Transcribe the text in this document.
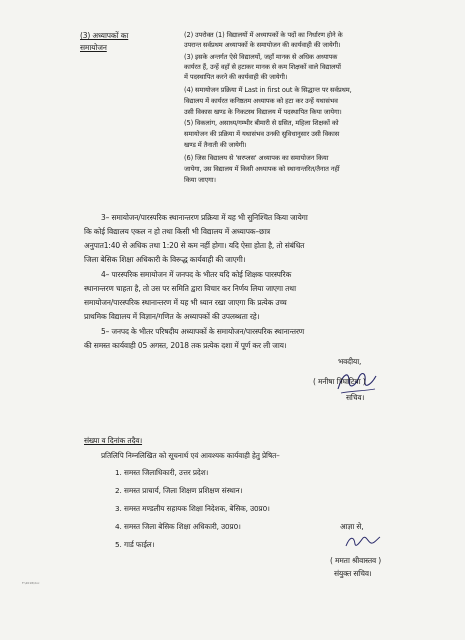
(3) अध्यापकों का

समायोजन

(2) उपरोक्त (1) विद्यालयों में अध्यापकों के पदों का निर्धारण होने के

उपरान्त सर्वप्रथम अध्यापकों के समायोजन की कार्यवाही की जायेगी।

(3) इसके अन्तर्गत ऐसे विद्यालयों, जहाँ मानक से अधिक अध्यापक

कार्यरत हैं, उन्हें वहाँ से हटाकर मानक से कम शिक्षकों वाले विद्यालयों

में पदस्थापित करने की कार्यवाही की जायेगी।

(4) समायोजन प्रक्रिया में Last in first out के सिद्धान्त पर सर्वप्रथम,

विद्यालय में कार्यरत कनिष्ठतम अध्यापक को हटा कर उन्हें यथासंभव

उसी विकास खण्ड के निकटस्थ विद्यालय में पदस्थापित किया जायेगा।

(5) विकलांग, असाध्य/गम्भीर बीमारी से ग्रसित, महिला शिक्षकों को

समायोजन की प्रक्रिया में यथासंभव उनकी सुविधानुसार उसी विकास

खण्ड में तैनाती की जायेगी।

(6) जिस विद्यालय से 'सरप्लस' अध्यापक का समायोजन किया

जायेगा, उस विद्यालय में किसी अध्यापक को स्थानान्तरित/तैनात नहीं

किया जाएगा।

3– समायोजन/पारस्परिक स्थानान्तरण प्रक्रिया में यह भी सुनिश्चित किया जायेगा

कि कोई विद्यालय एकल न हो तथा किसी भी विद्यालय में अध्यापक–छात्र

अनुपात1:40 से अधिक तथा 1:20 से कम नहीं होगा। यदि ऐसा होता है, तो संबंधित

जिला बेसिक शिक्षा अधिकारी के विरूद्ध कार्यवाही की जाएगी।

4– पारस्परिक समायोजन में जनपद के भीतर यदि कोई शिक्षक पारस्परिक

स्थानान्तरण चाहता है, तो उस पर समिति द्वारा विचार कर निर्णय लिया जाएगा तथा

समायोजन/पारस्परिक स्थानान्तरण में यह भी ध्यान रखा जाएगा कि प्रत्येक उच्च

प्राथमिक विद्यालय में विज्ञान/गणित के अध्यापकों की उपलब्धता रहे।

5– जनपद के भीतर परिषदीय अध्यापकों के समायोजन/पारस्परिक स्थानान्तरण

की समस्त कार्यवाही 05 अगस्त, 2018 तक प्रत्येक दशा में पूर्ण कर ली जाय।

भवदीया,

( मनीषा त्रिघाटिया )

सचिव।

संख्या व दिनांक तदैव।

प्रतिलिपि निम्नलिखित को सूचनार्थ एवं आवश्यक कार्यवाही हेतु प्रेषित–

1. समस्त जिलाधिकारी, उत्तर प्रदेश।

2. समस्त प्राचार्य, जिला शिक्षण प्रशिक्षण संस्थान।

3. समस्त मण्डलीय सहायक शिक्षा निदेशक, बेसिक, उ0प्र0।

4. समस्त जिला बेसिक शिक्षा अधिकारी, उ0प्र0।

5. गार्ड फाईल।

आज्ञा से,

( ममता श्रीवास्तव )

संयुक्त सचिव।

F:\2018\doc
